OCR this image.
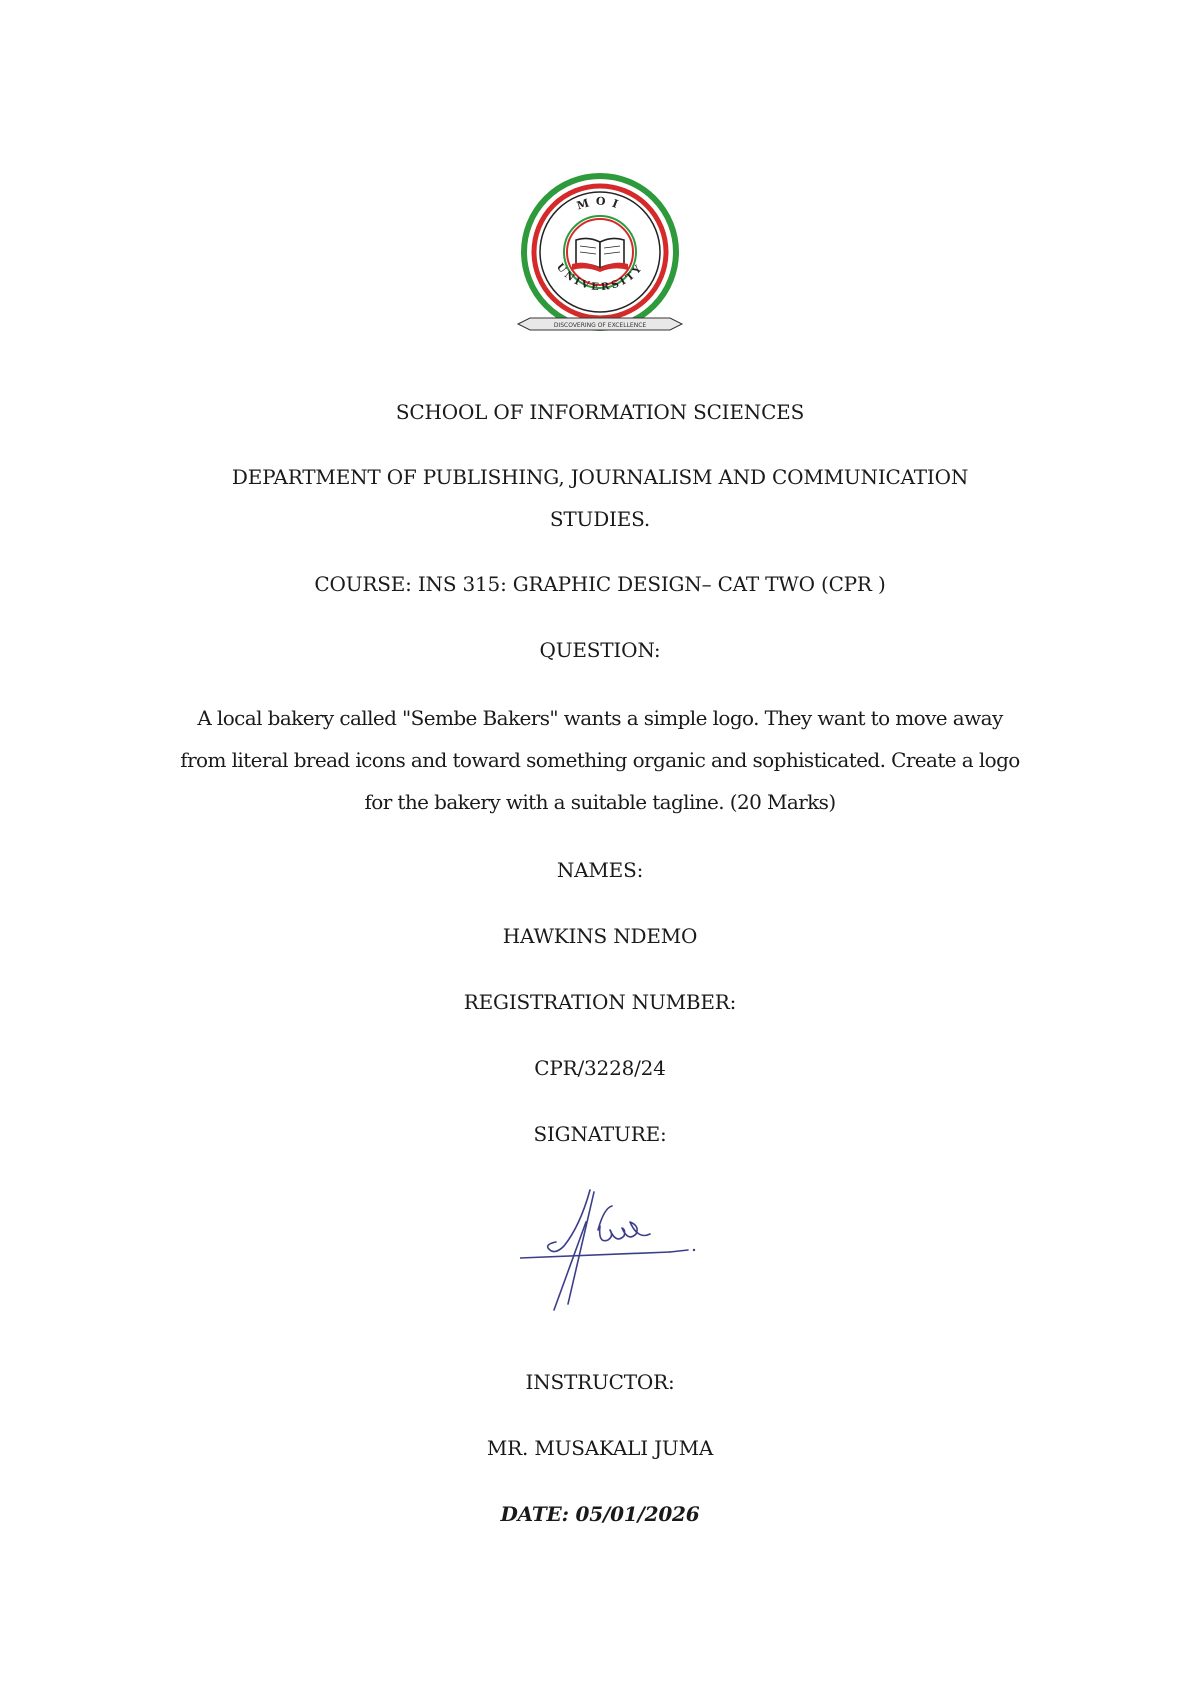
MOI
UNIVERSITY
DISCOVERING OF EXCELLENCE
SCHOOL OF INFORMATION SCIENCES
DEPARTMENT OF PUBLISHING, JOURNALISM AND COMMUNICATION
STUDIES.
COURSE: INS 315: GRAPHIC DESIGN– CAT TWO (CPR )
QUESTION:
A local bakery called "Sembe Bakers" wants a simple logo. They want to move away
from literal bread icons and toward something organic and sophisticated. Create a logo
for the bakery with a suitable tagline. (20 Marks)
NAMES:
HAWKINS NDEMO
REGISTRATION NUMBER:
CPR/3228/24
SIGNATURE:
INSTRUCTOR:
MR. MUSAKALI JUMA
DATE: 05/01/2026
